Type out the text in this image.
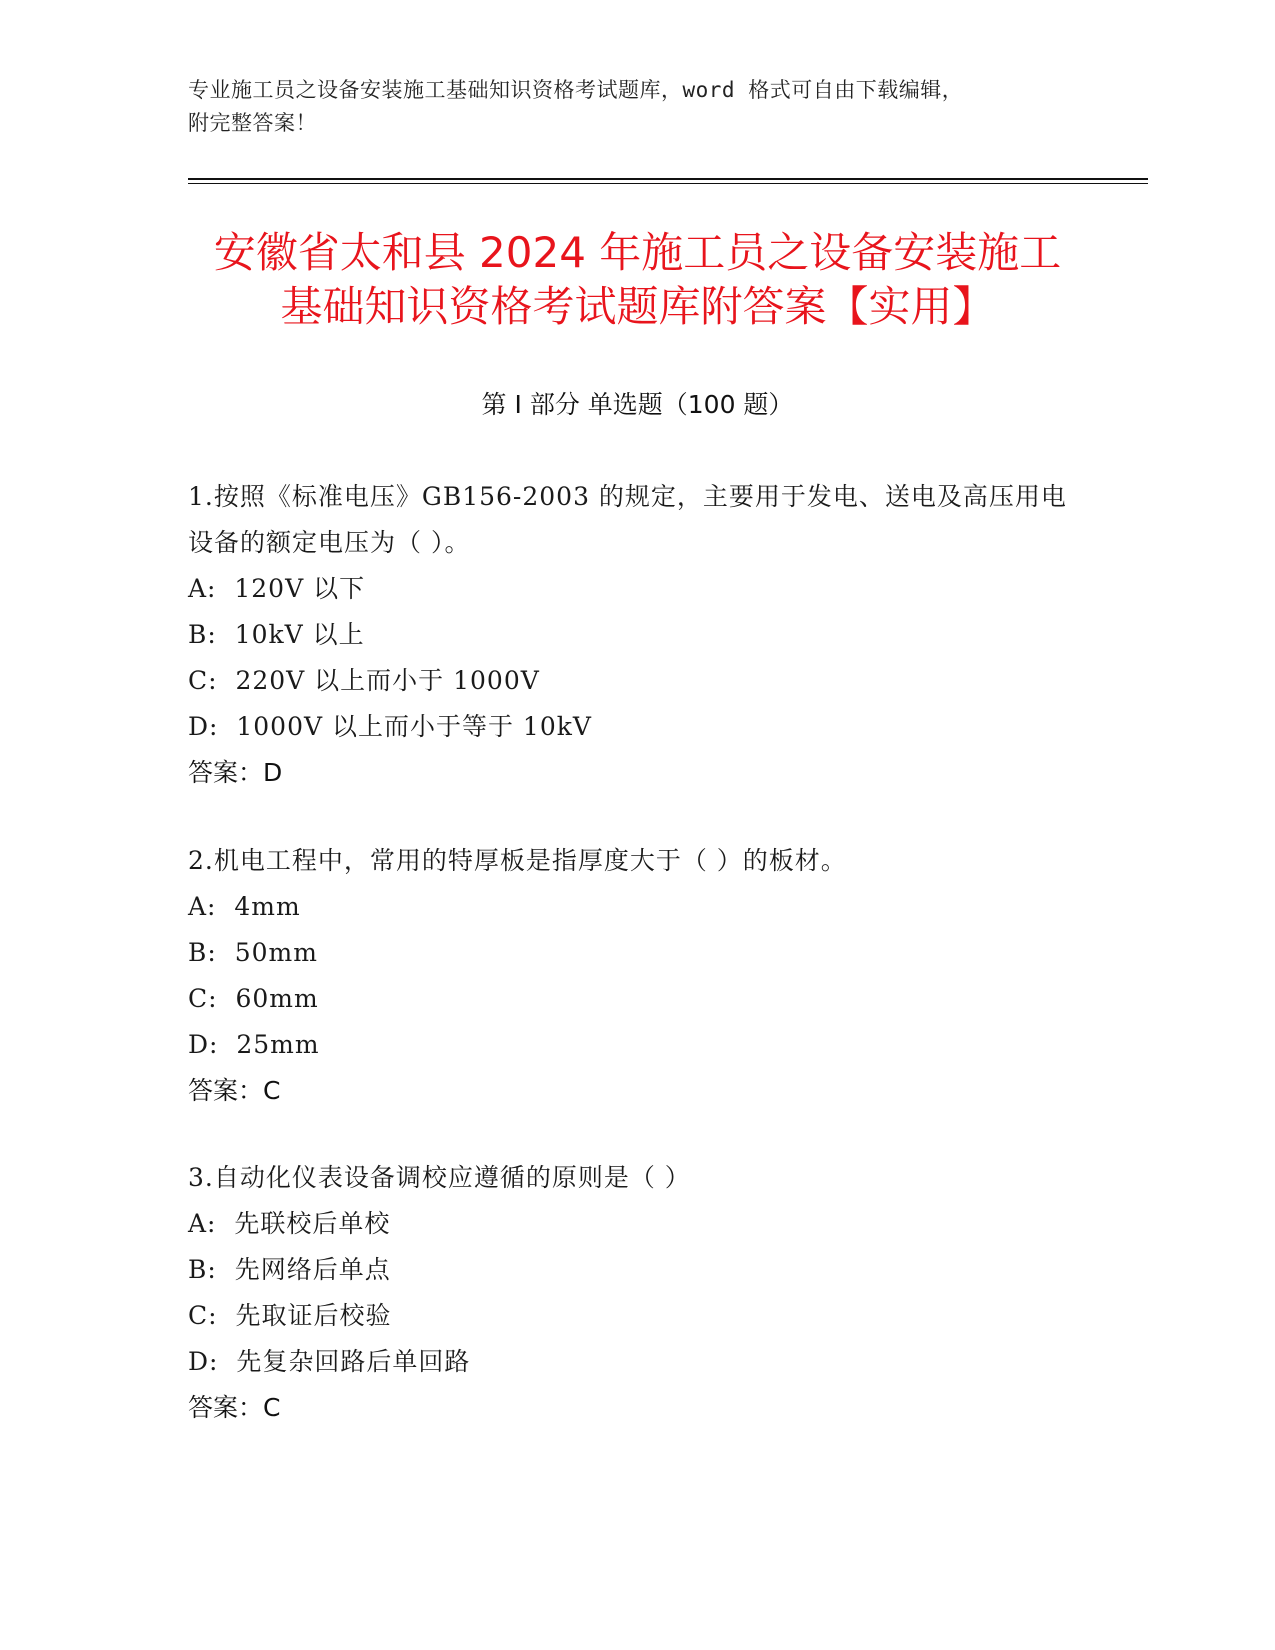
专业施工员之设备安装施工基础知识资格考试题库，word 格式可自由下载编辑，
附完整答案！
安徽省太和县 2024 年施工员之设备安装施工
基础知识资格考试题库附答案【实用】
第 I 部分 单选题（100 题）
1.按照《标准电压》GB156-2003 的规定，主要用于发电、送电及高压用电设备的额定电压为（ ）。
A:  120V 以下
B:  10kV 以上
C:  220V 以上而小于 1000V
D:  1000V 以上而小于等于 10kV
答案：D
2.机电工程中，常用的特厚板是指厚度大于（ ）的板材。
A:  4mm
B:  50mm
C:  60mm
D:  25mm
答案：C
3.自动化仪表设备调校应遵循的原则是（ ）
A:  先联校后单校
B:  先网络后单点
C:  先取证后校验
D:  先复杂回路后单回路
答案：C
